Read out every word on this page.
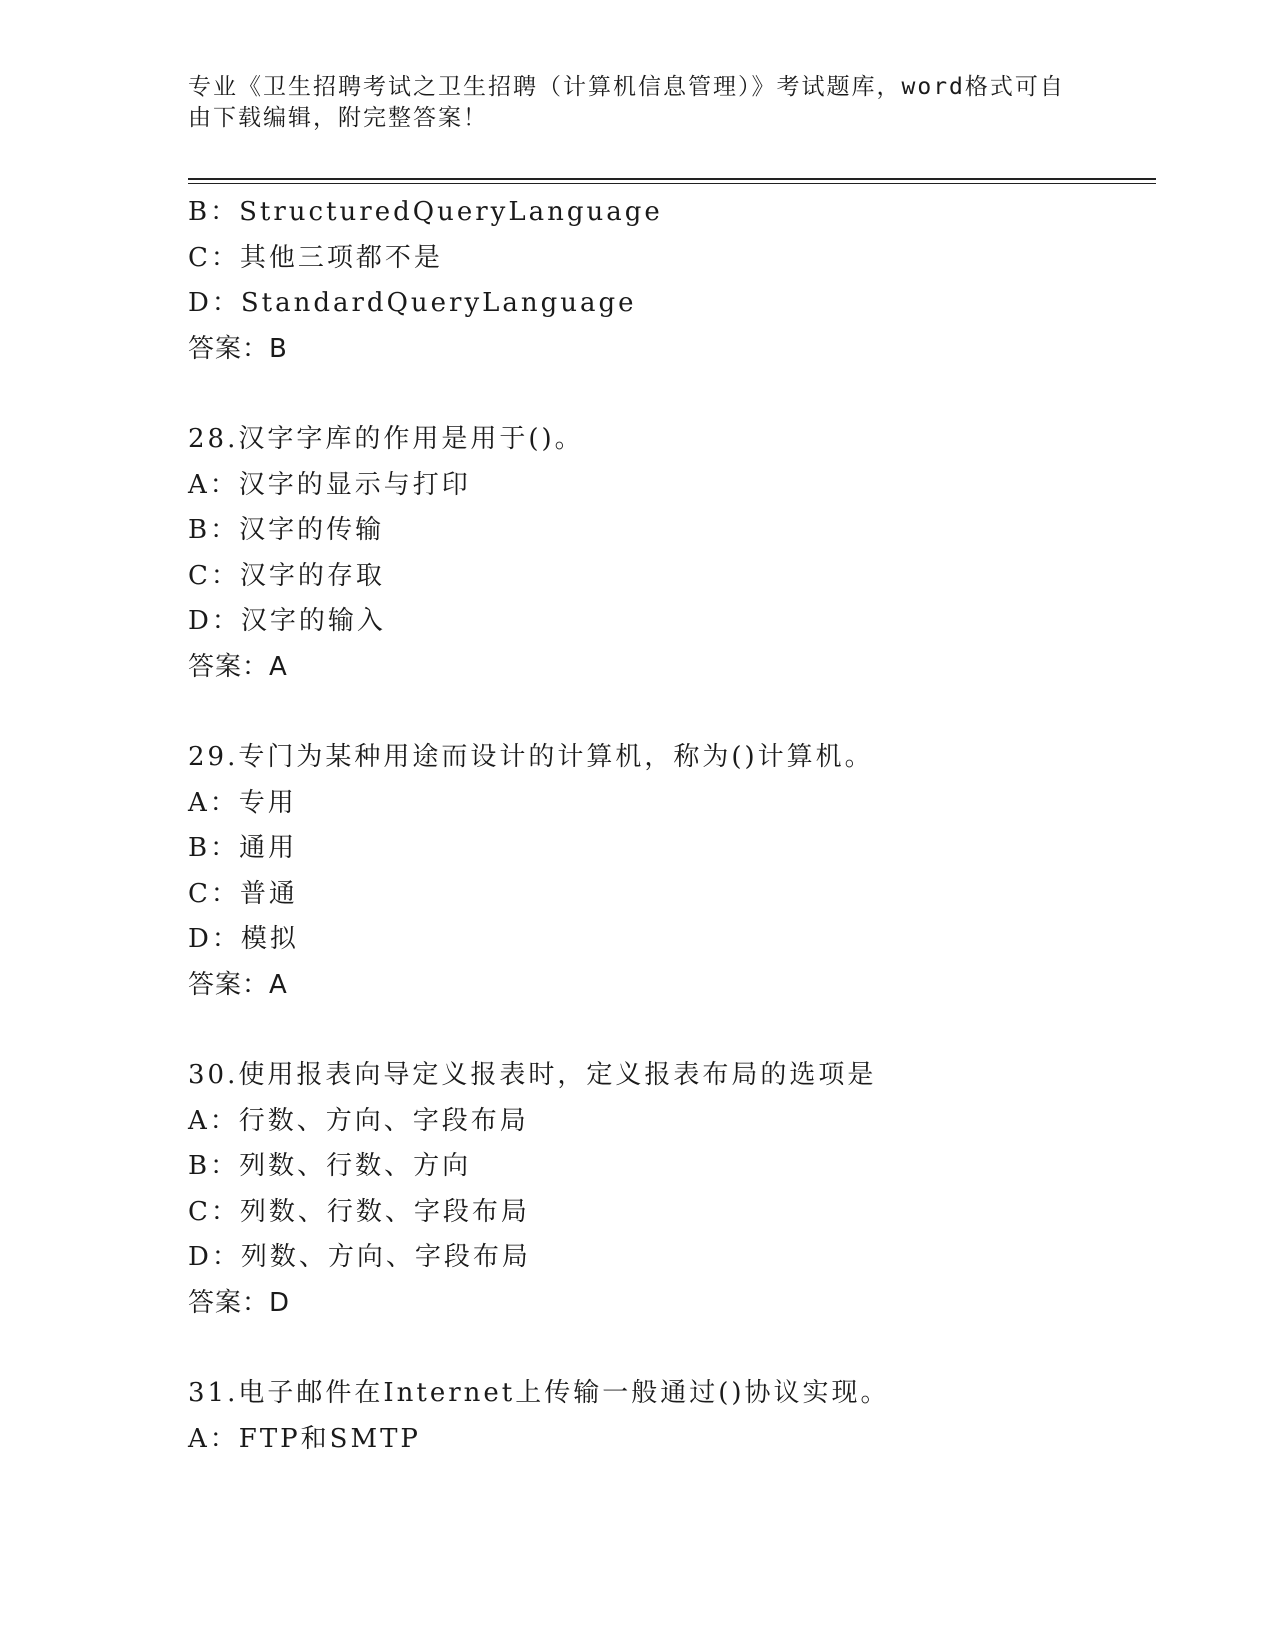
专业《卫生招聘考试之卫生招聘（计算机信息管理）》考试题库，word格式可自
由下载编辑，附完整答案！
B：StructuredQueryLanguage
C：其他三项都不是
D：StandardQueryLanguage
答案：B
28.汉字字库的作用是用于()。
A：汉字的显示与打印
B：汉字的传输
C：汉字的存取
D：汉字的输入
答案：A
29.专门为某种用途而设计的计算机，称为()计算机。
A：专用
B：通用
C：普通
D：模拟
答案：A
30.使用报表向导定义报表时，定义报表布局的选项是
A：行数、方向、字段布局
B：列数、行数、方向
C：列数、行数、字段布局
D：列数、方向、字段布局
答案：D
31.电子邮件在Internet上传输一般通过()协议实现。
A：FTP和SMTP
